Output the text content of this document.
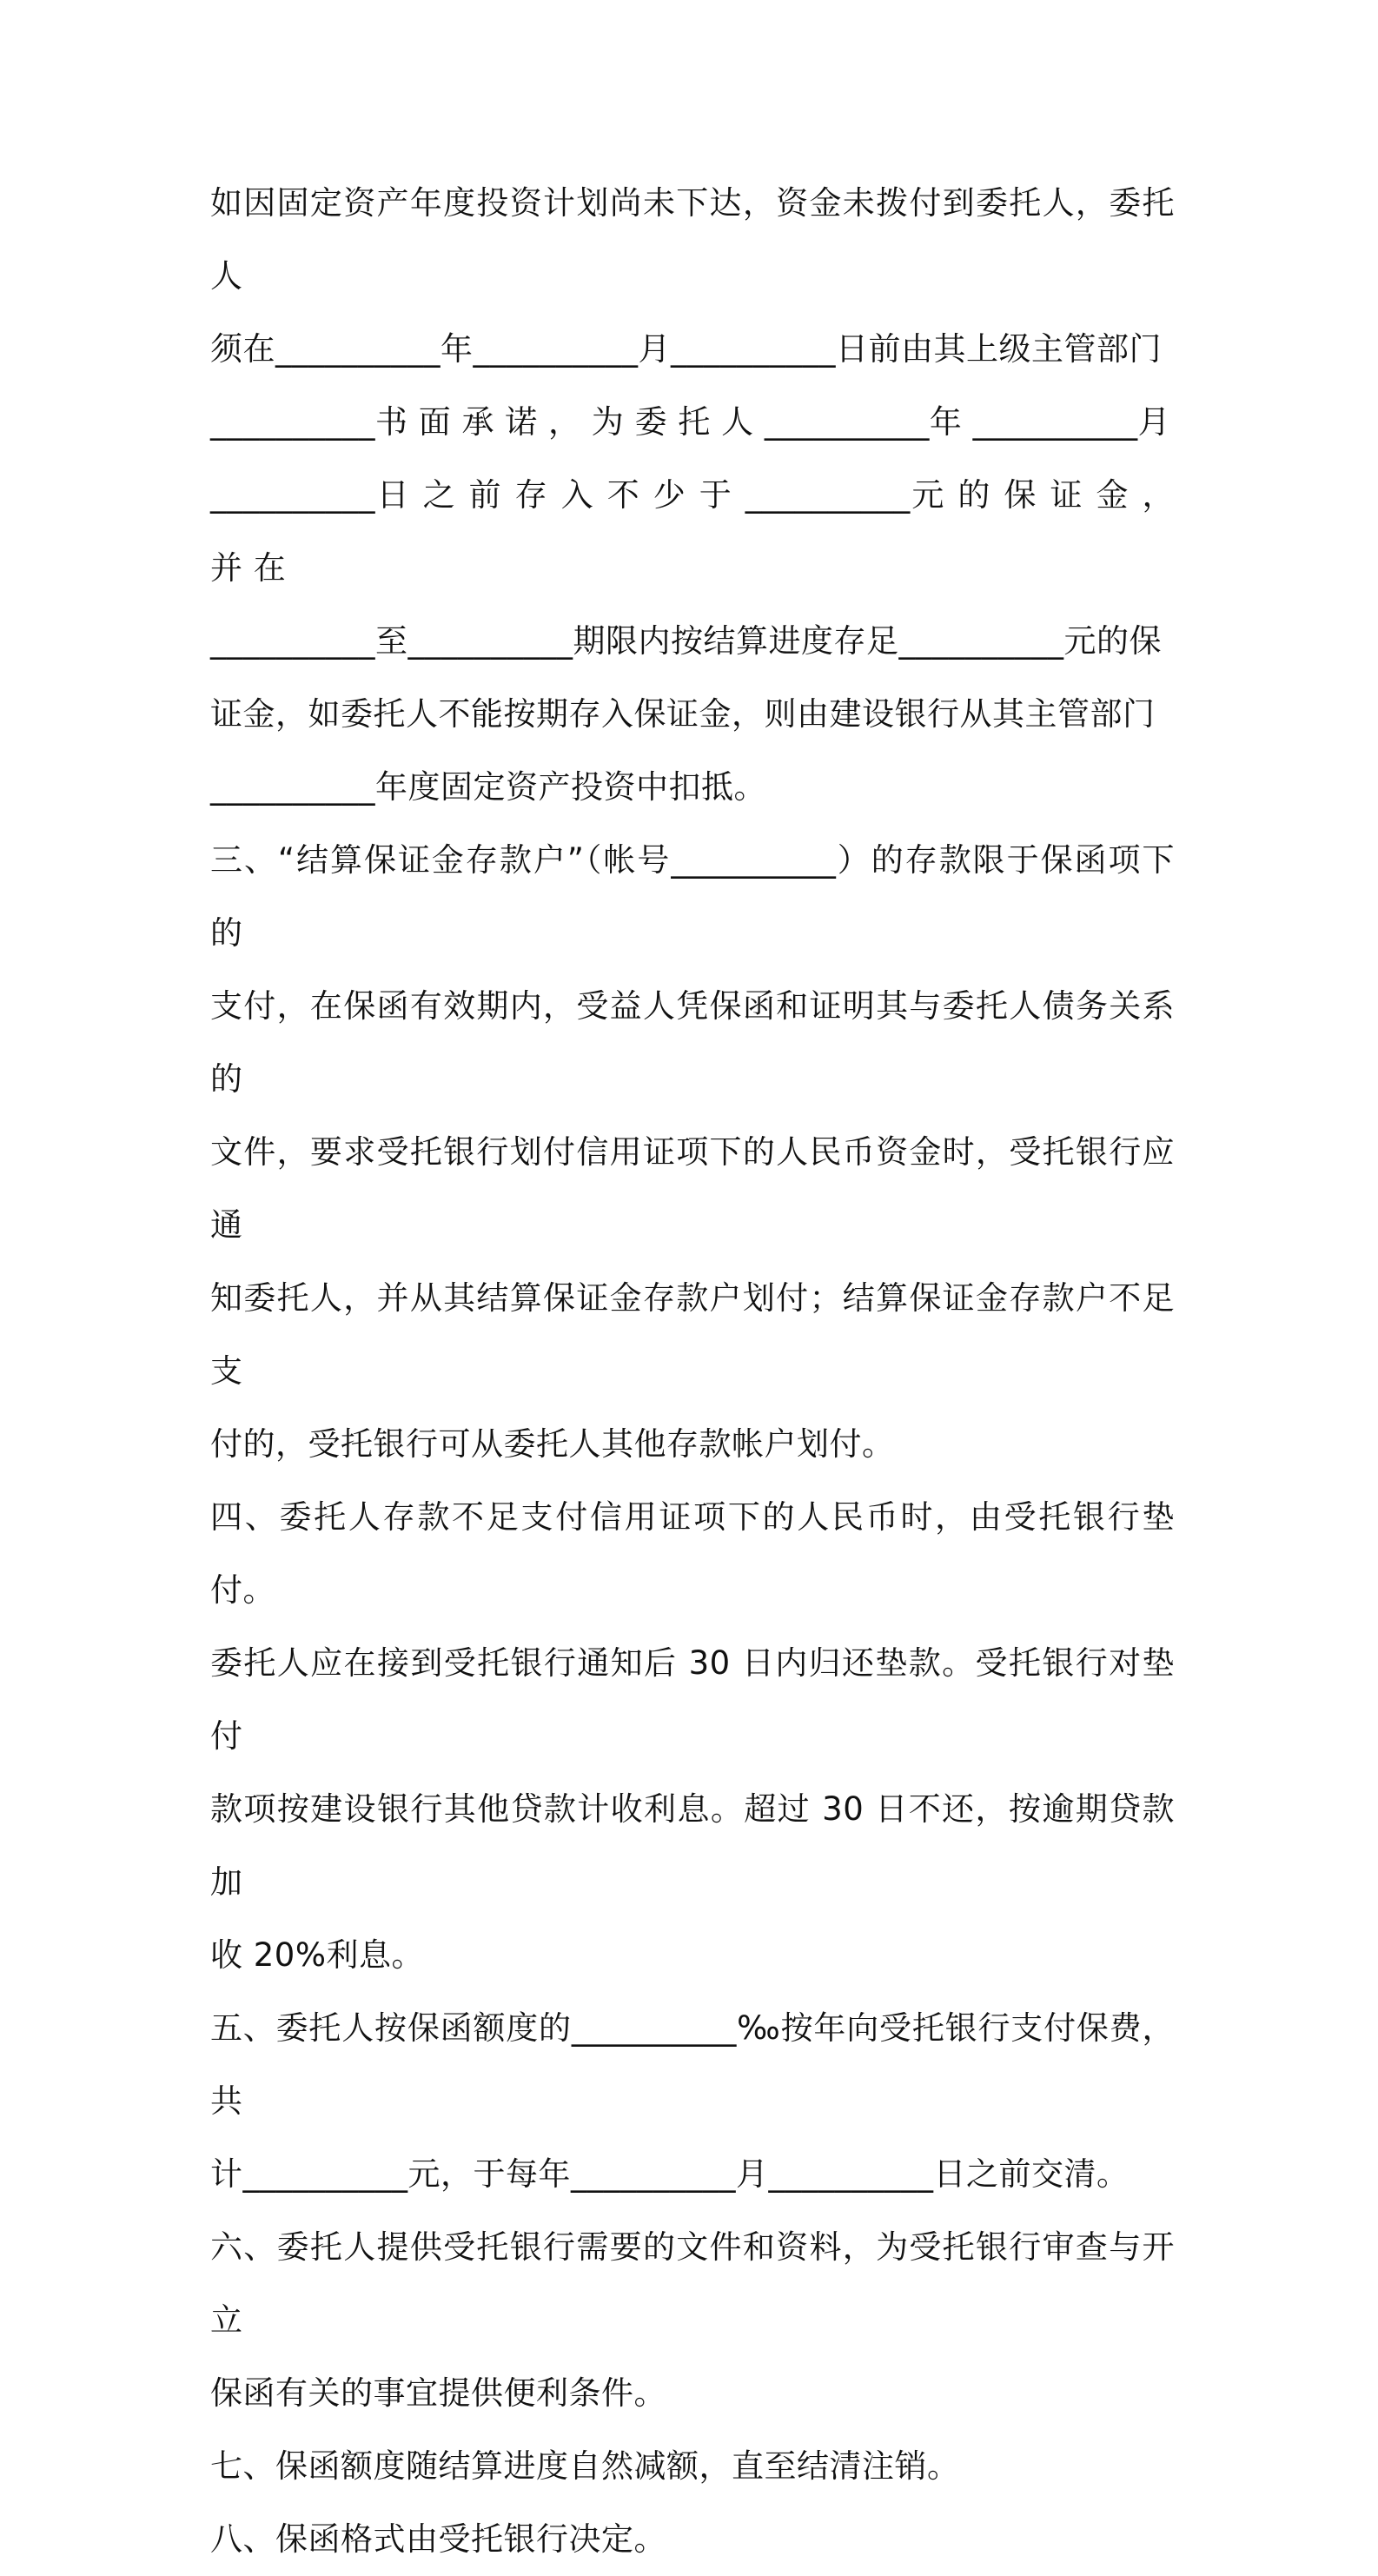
如因固定资产年度投资计划尚未下达，资金未拨付到委托人，委托人
须在__________年__________月__________日前由其上级主管部门
__________书 面 承 诺 ， 为 委 托 人 __________年 __________月
__________日 之 前 存 入 不 少 于 __________元 的 保 证 金 ， 并 在
__________至__________期限内按结算进度存足__________元的保
证金，如委托人不能按期存入保证金，则由建设银行从其主管部门
__________年度固定资产投资中扣抵。

三、“结算保证金存款户”（帐号__________）的存款限于保函项下的
支付，在保函有效期内，受益人凭保函和证明其与委托人债务关系的
文件，要求受托银行划付信用证项下的人民币资金时，受托银行应通
知委托人，并从其结算保证金存款户划付；结算保证金存款户不足支
付的，受托银行可从委托人其他存款帐户划付。

四、委托人存款不足支付信用证项下的人民币时，由受托银行垫付。
委托人应在接到受托银行通知后 30 日内归还垫款。受托银行对垫付
款项按建设银行其他贷款计收利息。超过 30 日不还，按逾期贷款加
收 20%利息。

五、委托人按保函额度的__________‰按年向受托银行支付保费，共
计__________元，于每年__________月__________日之前交清。

六、委托人提供受托银行需要的文件和资料，为受托银行审查与开立
保函有关的事宜提供便利条件。

七、保函额度随结算进度自然减额，直至结清注销。

八、保函格式由受托银行决定。
